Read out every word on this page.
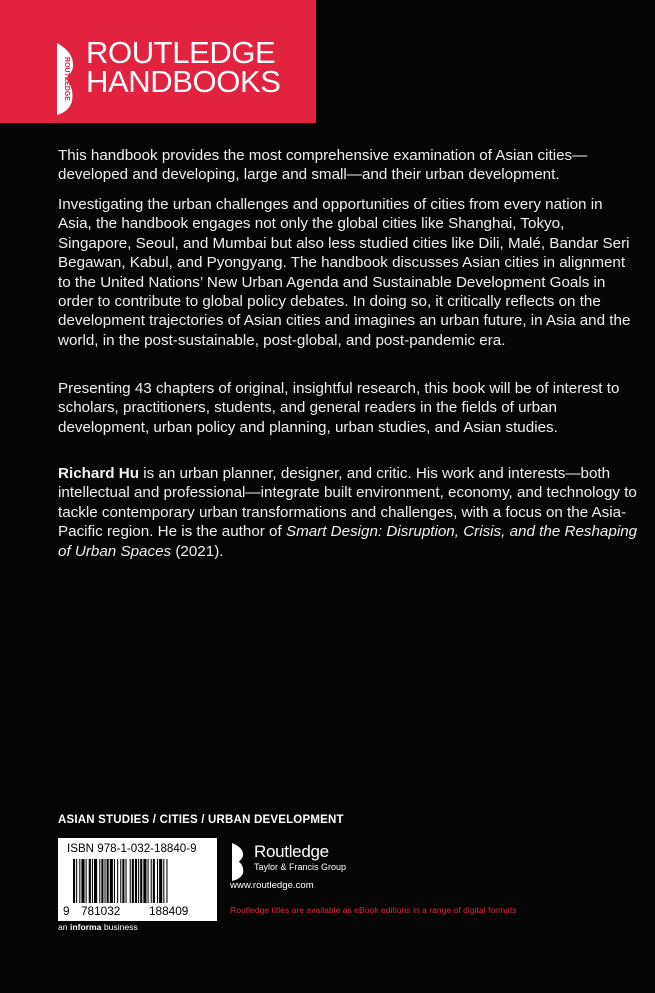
ROUTLEDGE
ROUTLEDGE
HANDBOOKS

This handbook provides the most comprehensive examination of Asian cities—developed and developing, large and small—and their urban development.

Investigating the urban challenges and opportunities of cities from every nation in Asia, the handbook engages not only the global cities like Shanghai, Tokyo, Singapore, Seoul, and Mumbai but also less studied cities like Dili, Malé, Bandar Seri Begawan, Kabul, and Pyongyang. The handbook discusses Asian cities in alignment to the United Nations’ New Urban Agenda and Sustainable Development Goals in order to contribute to global policy debates. In doing so, it critically reflects on the development trajectories of Asian cities and imagines an urban future, in Asia and the world, in the post-sustainable, post-global, and post-pandemic era.

Presenting 43 chapters of original, insightful research, this book will be of interest to scholars, practitioners, students, and general readers in the fields of urban development, urban policy and planning, urban studies, and Asian studies.

Richard Hu is an urban planner, designer, and critic. His work and interests—both intellectual and professional—integrate built environment, economy, and technology to tackle contemporary urban transformations and challenges, with a focus on the Asia-Pacific region. He is the author of Smart Design: Disruption, Crisis, and the Reshaping of Urban Spaces (2021).

ASIAN STUDIES / CITIES / URBAN DEVELOPMENT
ISBN 978-1-032-18840-9
9 781032 188409
an informa business
Routledge
Taylor & Francis Group
www.routledge.com
Routledge titles are available as eBook editions in a range of digital formats
